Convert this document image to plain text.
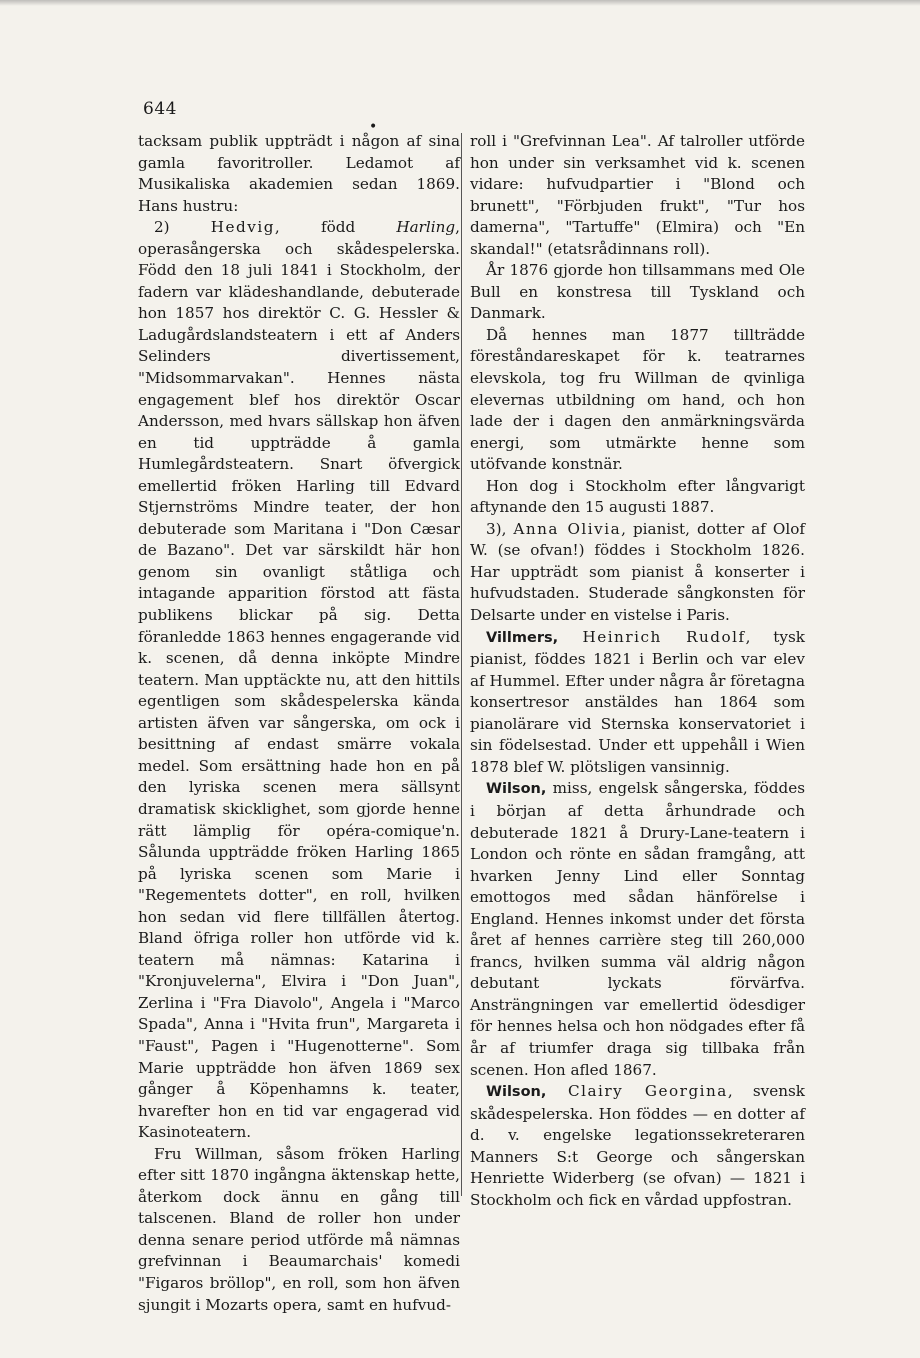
•
644

tacksam publik uppträdt i någon af sina gamla favoritroller. Ledamot af Musikaliska akademien sedan 1869. Hans hustru:

2) Hedvig, född Harling, operasångerska och skådespelerska. Född den 18 juli 1841 i Stockholm, der fadern var klädeshandlande, debuterade hon 1857 hos direktör C. G. Hessler & Ladugårdslandsteatern i ett af Anders Selinders divertissement, "Midsommarvakan". Hennes nästa engagement blef hos direktör Oscar Andersson, med hvars sällskap hon äfven en tid uppträdde å gamla Humlegårdsteatern. Snart öfvergick emellertid fröken Harling till Edvard Stjernströms Mindre teater, der hon debuterade som Maritana i "Don Cæsar de Bazano". Det var särskildt här hon genom sin ovanligt ståtliga och intagande apparition förstod att fästa publikens blickar på sig. Detta föranledde 1863 hennes engagerande vid k. scenen, då denna inköpte Mindre teatern. Man upptäckte nu, att den hittils egentligen som skådespelerska kända artisten äfven var sångerska, om ock i besittning af endast smärre vokala medel. Som ersättning hade hon en på den lyriska scenen mera sällsynt dramatisk skicklighet, som gjorde henne rätt lämplig för opéra-comique'n. Sålunda uppträdde fröken Harling 1865 på lyriska scenen som Marie i "Regementets dotter", en roll, hvilken hon sedan vid flere tillfällen återtog. Bland öfriga roller hon utförde vid k. teatern må nämnas: Katarina i "Kronjuvelerna", Elvira i "Don Juan", Zerlina i "Fra Diavolo", Angela i "Marco Spada", Anna i "Hvita frun", Margareta i "Faust", Pagen i "Hugenotterne". Som Marie uppträdde hon äfven 1869 sex gånger å Köpenhamns k. teater, hvarefter hon en tid var engagerad vid Kasinoteatern.

Fru Willman, såsom fröken Harling efter sitt 1870 ingångna äktenskap hette, återkom dock ännu en gång till talscenen. Bland de roller hon under denna senare period utförde må nämnas grefvinnan i Beaumarchais' komedi "Figaros bröllop", en roll, som hon äfven sjungit i Mozarts opera, samt en hufvud-

roll i "Grefvinnan Lea". Af talroller utförde hon under sin verksamhet vid k. scenen vidare: hufvudpartier i "Blond och brunett", "Förbjuden frukt", "Tur hos damerna", "Tartuffe" (Elmira) och "En skandal!" (etatsrådinnans roll).

År 1876 gjorde hon tillsammans med Ole Bull en konstresa till Tyskland och Danmark.

Då hennes man 1877 tillträdde föreståndareskapet för k. teatrarnes elevskola, tog fru Willman de qvinliga elevernas utbildning om hand, och hon lade der i dagen den anmärkningsvärda energi, som utmärkte henne som utöfvande konstnär.

Hon dog i Stockholm efter långvarigt aftynande den 15 augusti 1887.

3), Anna Olivia, pianist, dotter af Olof W. (se ofvan!) föddes i Stockholm 1826. Har uppträdt som pianist å konserter i hufvudstaden. Studerade sångkonsten för Delsarte under en vistelse i Paris.

Villmers, Heinrich Rudolf, tysk pianist, föddes 1821 i Berlin och var elev af Hummel. Efter under några år företagna konsertresor anstäldes han 1864 som pianolärare vid Sternska konservatoriet i sin födelsestad. Under ett uppehåll i Wien 1878 blef W. plötsligen vansinnig.

Wilson, miss, engelsk sångerska, föddes i början af detta århundrade och debuterade 1821 å Drury-Lane-teatern i London och rönte en sådan framgång, att hvarken Jenny Lind eller Sonntag emottogos med sådan hänförelse i England. Hennes inkomst under det första året af hennes carrière steg till 260,000 francs, hvilken summa väl aldrig någon debutant lyckats förvärfva. Ansträngningen var emellertid ödesdiger för hennes helsa och hon nödgades efter få år af triumfer draga sig tillbaka från scenen. Hon afled 1867.

Wilson, Clairy Georgina, svensk skådespelerska. Hon föddes — en dotter af d. v. engelske legationssekreteraren Manners S:t George och sångerskan Henriette Widerberg (se ofvan) — 1821 i Stockholm och fick en vårdad uppfostran.
